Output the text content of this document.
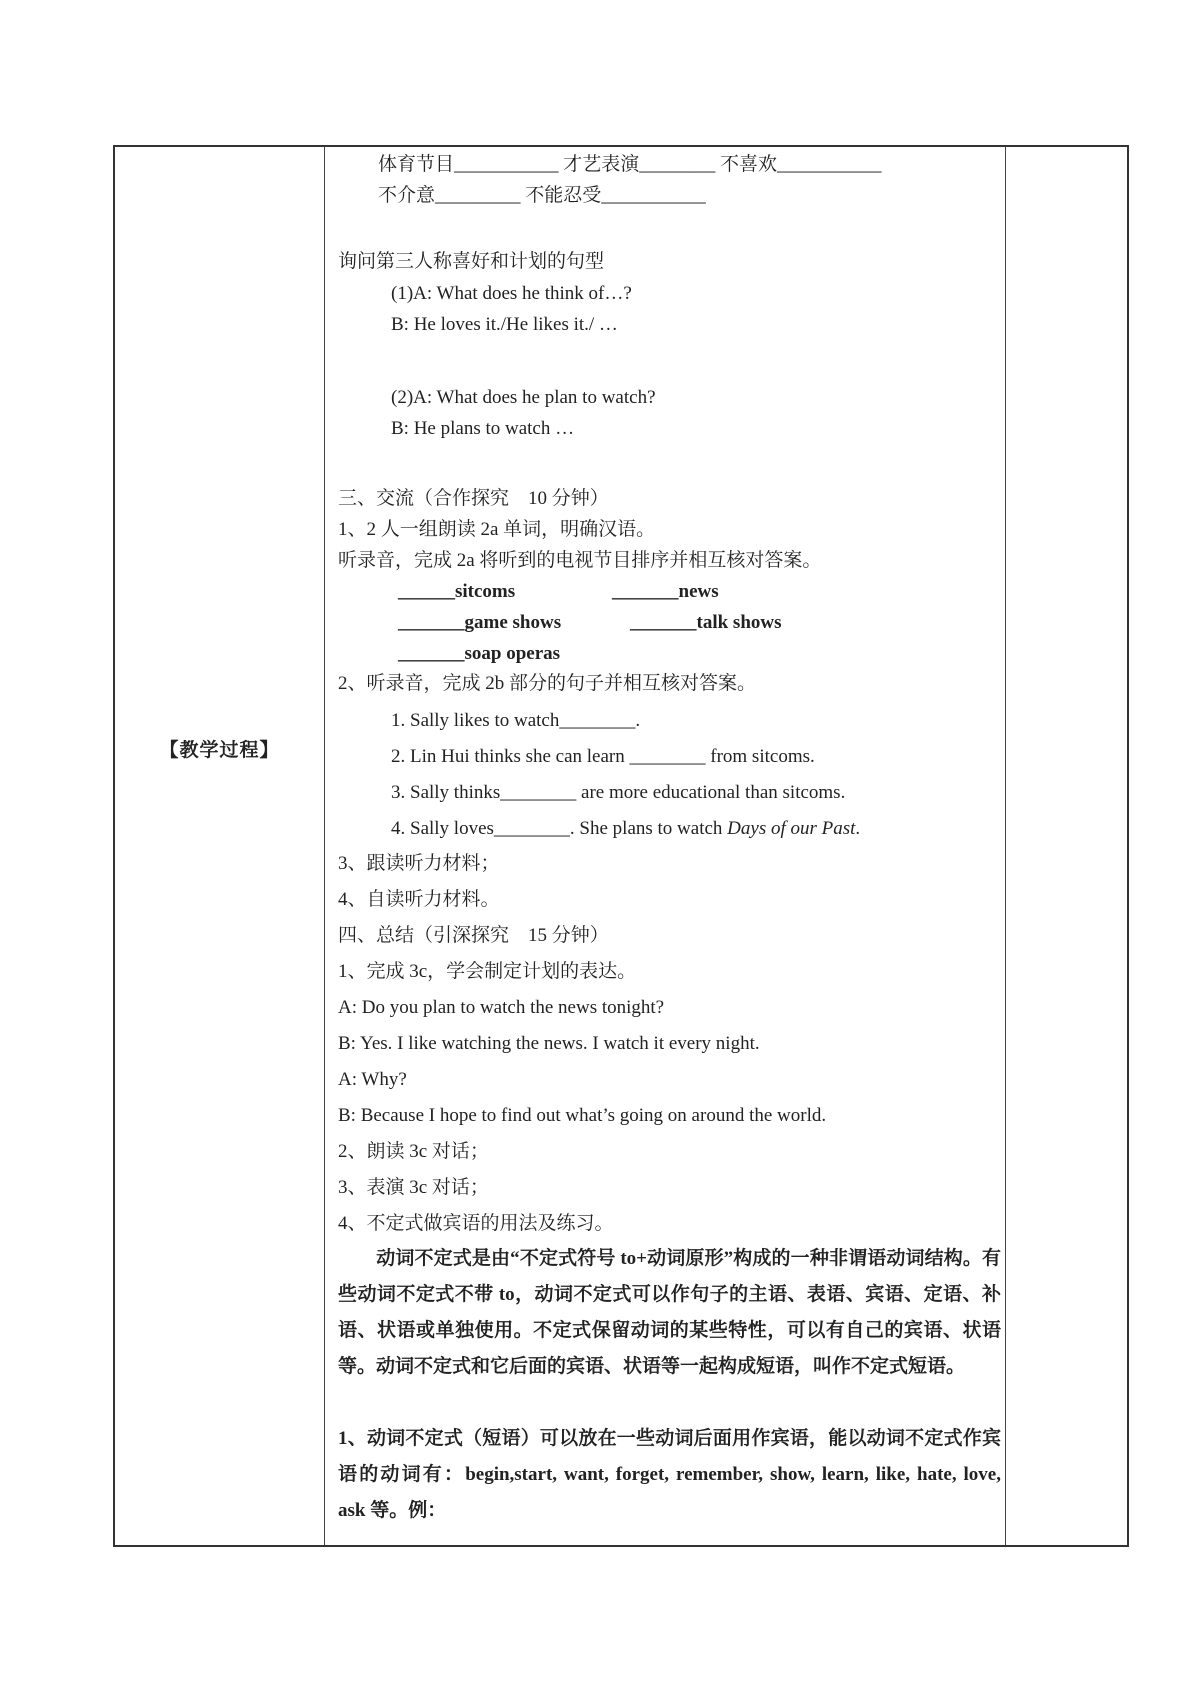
【教学过程】
体育节目___________ 才艺表演________ 不喜欢___________
不介意_________ 不能忍受___________
询问第三人称喜好和计划的句型
(1)A: What does he think of…?
B: He loves it./He likes it./ …
(2)A: What does he plan to watch?
B: He plans to watch …
三、交流（合作探究　10 分钟）
1、2 人一组朗读 2a 单词，明确汉语。
听录音，完成 2a 将听到的电视节目排序并相互核对答案。
______sitcoms	_______news
_______game shows	_______talk shows
_______soap operas
2、听录音，完成 2b 部分的句子并相互核对答案。
1. Sally likes to watch________.
2. Lin Hui thinks she can learn ________ from sitcoms.
3. Sally thinks________ are more educational than sitcoms.
4. Sally loves________. She plans to watch Days of our Past.
3、跟读听力材料；
4、自读听力材料。
四、总结（引深探究　15 分钟）
1、完成 3c，学会制定计划的表达。
A: Do you plan to watch the news tonight?
B: Yes. I like watching the news. I watch it every night.
A: Why?
B: Because I hope to find out what’s going on around the world.
2、朗读 3c 对话；
3、表演 3c 对话；
4、不定式做宾语的用法及练习。
　　动词不定式是由“不定式符号 to+动词原形”构成的一种非谓语动词结构。有些动词不定式不带 to，动词不定式可以作句子的主语、表语、宾语、定语、补语、状语或单独使用。不定式保留动词的某些特性，可以有自己的宾语、状语等。动词不定式和它后面的宾语、状语等一起构成短语，叫作不定式短语。
1、动词不定式（短语）可以放在一些动词后面用作宾语，能以动词不定式作宾语的动词有：begin,start, want, forget, remember, show, learn, like, hate, love, ask 等。例：
